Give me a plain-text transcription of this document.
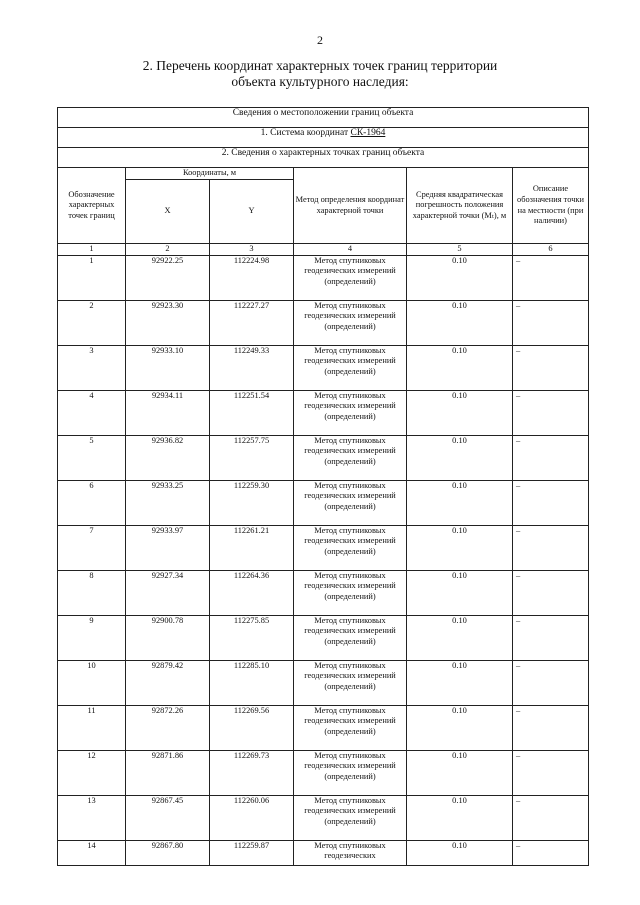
2
2. Перечень координат характерных точек границ территории
объекта культурного наследия:
Сведения о местоположении границ объекта					
1. Система координат СК-1964					
2. Сведения о характерных точках границ объекта					
Обозначение характерных точек границ	Координаты, м		Метод определения координат характерной точки	Средняя квадратическая погрешность положения характерной точки (Mₜ), м	Описание обозначения точки на местности (при наличии)
	X	Y			
1	2	3	4	5	6
1	92922.25	112224.98	Метод спутниковых геодезических измерений (определений)	0.10	–
2	92923.30	112227.27	Метод спутниковых геодезических измерений (определений)	0.10	–
3	92933.10	112249.33	Метод спутниковых геодезических измерений (определений)	0.10	–
4	92934.11	112251.54	Метод спутниковых геодезических измерений (определений)	0.10	–
5	92936.82	112257.75	Метод спутниковых геодезических измерений (определений)	0.10	–
6	92933.25	112259.30	Метод спутниковых геодезических измерений (определений)	0.10	–
7	92933.97	112261.21	Метод спутниковых геодезических измерений (определений)	0.10	–
8	92927.34	112264.36	Метод спутниковых геодезических измерений (определений)	0.10	–
9	92900.78	112275.85	Метод спутниковых геодезических измерений (определений)	0.10	–
10	92879.42	112285.10	Метод спутниковых геодезических измерений (определений)	0.10	–
11	92872.26	112269.56	Метод спутниковых геодезических измерений (определений)	0.10	–
12	92871.86	112269.73	Метод спутниковых геодезических измерений (определений)	0.10	–
13	92867.45	112260.06	Метод спутниковых геодезических измерений (определений)	0.10	–
14	92867.80	112259.87	Метод спутниковых геодезических	0.10	–
